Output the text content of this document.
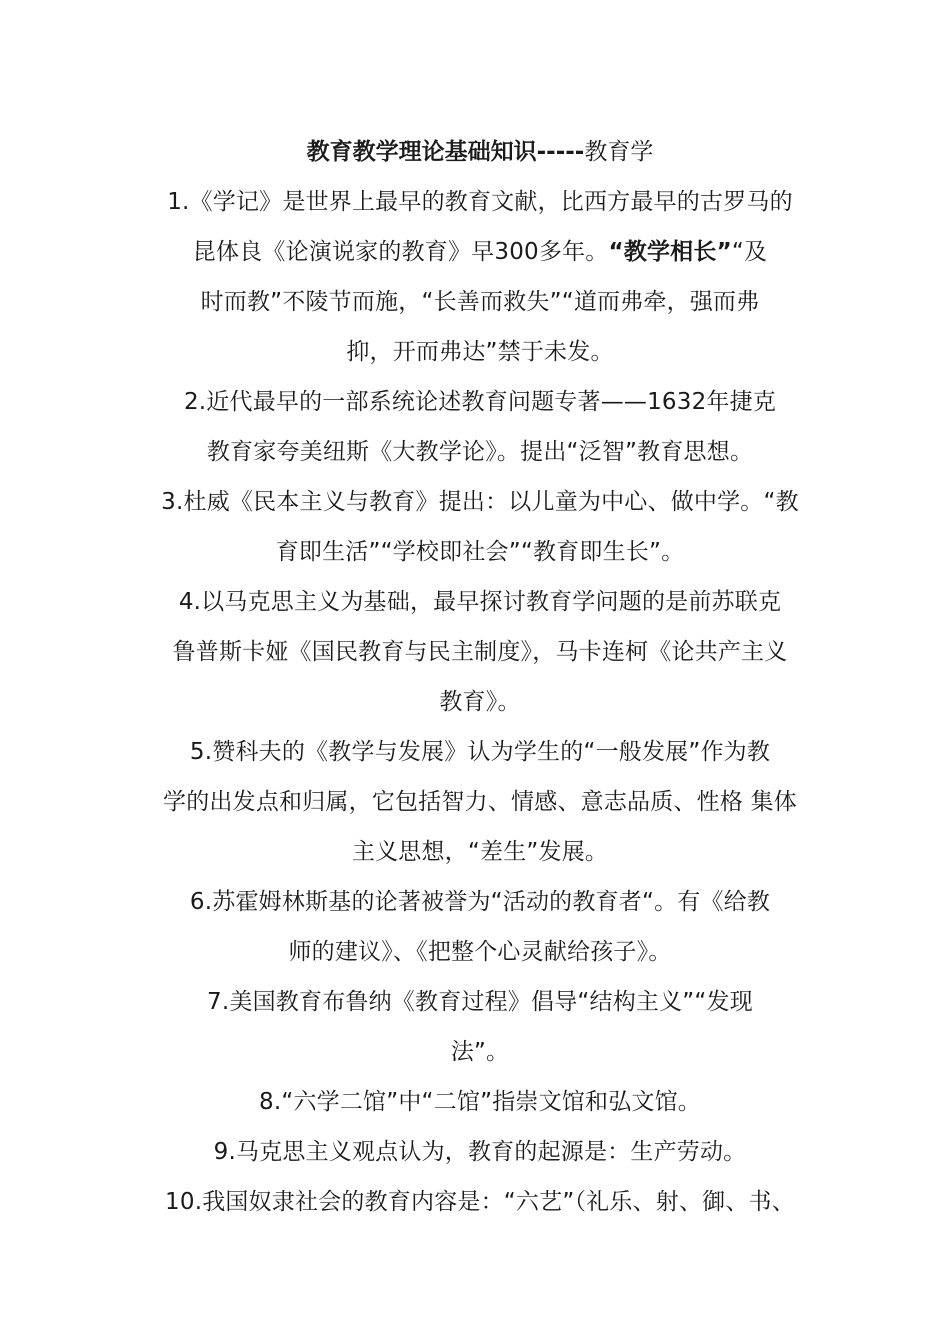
教育教学理论基础知识-----教育学

1.《学记》是世界上最早的教育文献，比西方最早的古罗马的

昆体良《论演说家的教育》早300多年。“教学相长”“及

时而教”不陵节而施，“长善而救失”“道而弗牵，强而弗

抑，开而弗达”禁于未发。

2.近代最早的一部系统论述教育问题专著——1632年捷克

教育家夸美纽斯《大教学论》。提出“泛智”教育思想。

3.杜威《民本主义与教育》提出：以儿童为中心、做中学。“教

育即生活”“学校即社会”“教育即生长”。

4.以马克思主义为基础，最早探讨教育学问题的是前苏联克

鲁普斯卡娅《国民教育与民主制度》，马卡连柯《论共产主义

教育》。

5.赞科夫的《教学与发展》认为学生的“一般发展”作为教

学的出发点和归属，它包括智力、情感、意志品质、性格 集体

主义思想，“差生”发展。

6.苏霍姆林斯基的论著被誉为“活动的教育者“。有《给教

师的建议》、《把整个心灵献给孩子》。

7.美国教育布鲁纳《教育过程》倡导“结构主义”“发现

法”。

8.“六学二馆”中“二馆”指崇文馆和弘文馆。

9.马克思主义观点认为，教育的起源是：生产劳动。

10.我国奴隶社会的教育内容是：“六艺”（礼乐、射、御、书、
